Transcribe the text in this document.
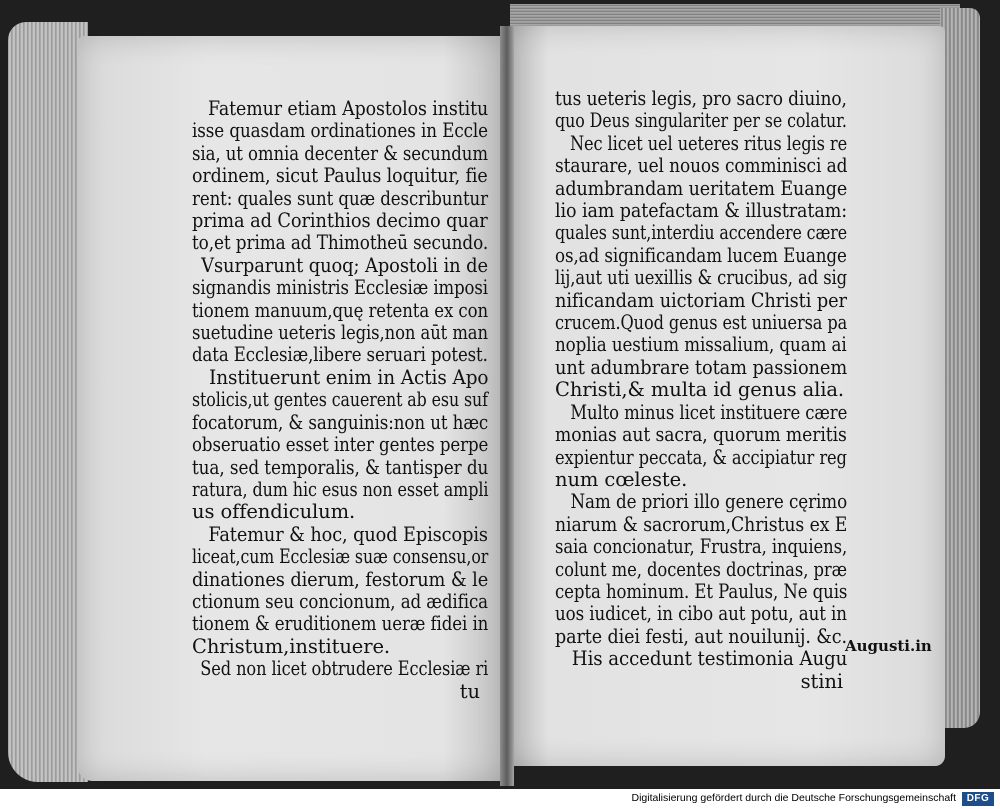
Fatemur etiam Apostolos institu
isse quasdam ordinationes in Eccle
sia, ut omnia decenter & secundum
ordinem, sicut Paulus loquitur, fie
rent: quales sunt quæ describuntur
prima ad Corinthios decimo quar
to,et prima ad Thimotheū secundo.
Vsurparunt quoq; Apostoli in de
signandis ministris Ecclesiæ imposi
tionem manuum,quę retenta ex con
suetudine ueteris legis,non aūt man
data Ecclesiæ,libere seruari potest.
Instituerunt enim in Actis Apo
stolicis,ut gentes cauerent ab esu suf
focatorum, & sanguinis:non ut hæc
obseruatio esset inter gentes perpe
tua, sed temporalis, & tantisper du
ratura, dum hic esus non esset ampli
us offendiculum.
Fatemur & hoc, quod Episcopis
liceat,cum Ecclesiæ suæ consensu,or
dinationes dierum, festorum & le
ctionum seu concionum, ad ædifica
tionem & eruditionem ueræ fidei in
Christum,instituere.
Sed non licet obtrudere Ecclesiæ ri
tu
tus ueteris legis, pro sacro diuino,
quo Deus singulariter per se colatur.
Nec licet uel ueteres ritus legis re
staurare, uel nouos comminisci ad
adumbrandam ueritatem Euange
lio iam patefactam & illustratam:
quales sunt,interdiu accendere cære
os,ad significandam lucem Euange
lij,aut uti uexillis & crucibus, ad sig
nificandam uictoriam Christi per
crucem.Quod genus est uniuersa pa
noplia uestium missalium, quam ai
unt adumbrare totam passionem
Christi,& multa id genus alia.
Multo minus licet instituere cære
monias aut sacra, quorum meritis
expientur peccata, & accipiatur reg
num cœleste.
Nam de priori illo genere cęrimo
niarum & sacrorum,Christus ex E
saia concionatur, Frustra, inquiens,
colunt me, docentes doctrinas, præ
cepta hominum. Et Paulus, Ne quis
uos iudicet, in cibo aut potu, aut in
parte diei festi, aut nouilunij. &c.
His accedunt testimonia Augu
stini
Augusti.in
Digitalisierung gefördert durch die Deutsche Forschungsgemeinschaft	DFG
